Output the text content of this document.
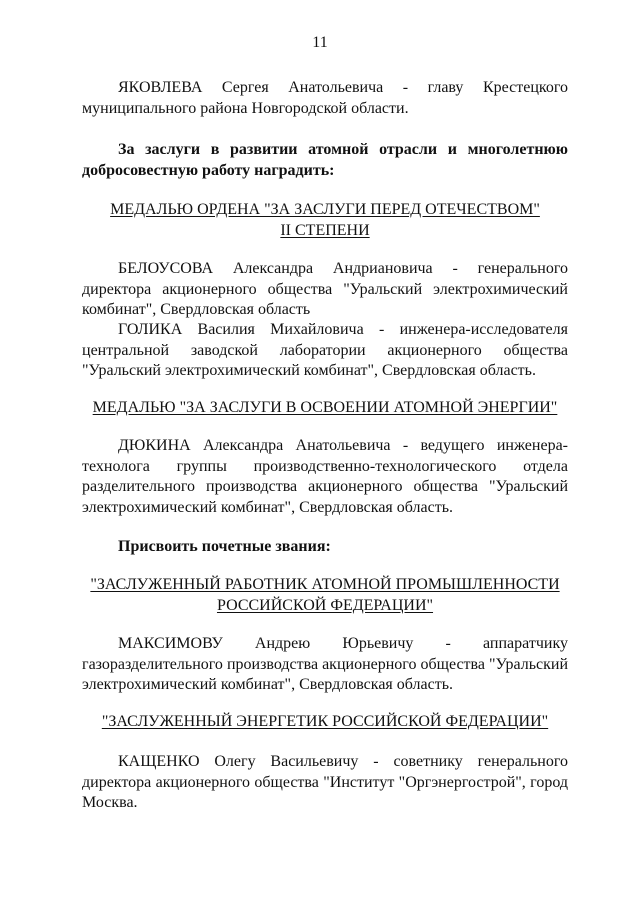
11
ЯКОВЛЕВА Сергея Анатольевича - главу Крестецкого муниципального района Новгородской области.
За заслуги в развитии атомной отрасли и многолетнюю добросовестную работу наградить:
МЕДАЛЬЮ ОРДЕНА "ЗА ЗАСЛУГИ ПЕРЕД ОТЕЧЕСТВОМ"
II СТЕПЕНИ
БЕЛОУСОВА Александра Андриановича - генерального директора акционерного общества "Уральский электрохимический комбинат", Свердловская область
ГОЛИКА Василия Михайловича - инженера-исследователя центральной заводской лаборатории акционерного общества "Уральский электрохимический комбинат", Свердловская область.
МЕДАЛЬЮ "ЗА ЗАСЛУГИ В ОСВОЕНИИ АТОМНОЙ ЭНЕРГИИ"
ДЮКИНА Александра Анатольевича - ведущего инженера-технолога группы производственно-технологического отдела разделительного производства акционерного общества "Уральский электрохимический комбинат", Свердловская область.
Присвоить почетные звания:
"ЗАСЛУЖЕННЫЙ РАБОТНИК АТОМНОЙ ПРОМЫШЛЕННОСТИ
РОССИЙСКОЙ ФЕДЕРАЦИИ"
МАКСИМОВУ Андрею Юрьевичу - аппаратчику газоразделительного производства акционерного общества "Уральский электрохимический комбинат", Свердловская область.
"ЗАСЛУЖЕННЫЙ ЭНЕРГЕТИК РОССИЙСКОЙ ФЕДЕРАЦИИ"
КАЩЕНКО Олегу Васильевичу - советнику генерального директора акционерного общества "Институт "Оргэнергострой", город Москва.
